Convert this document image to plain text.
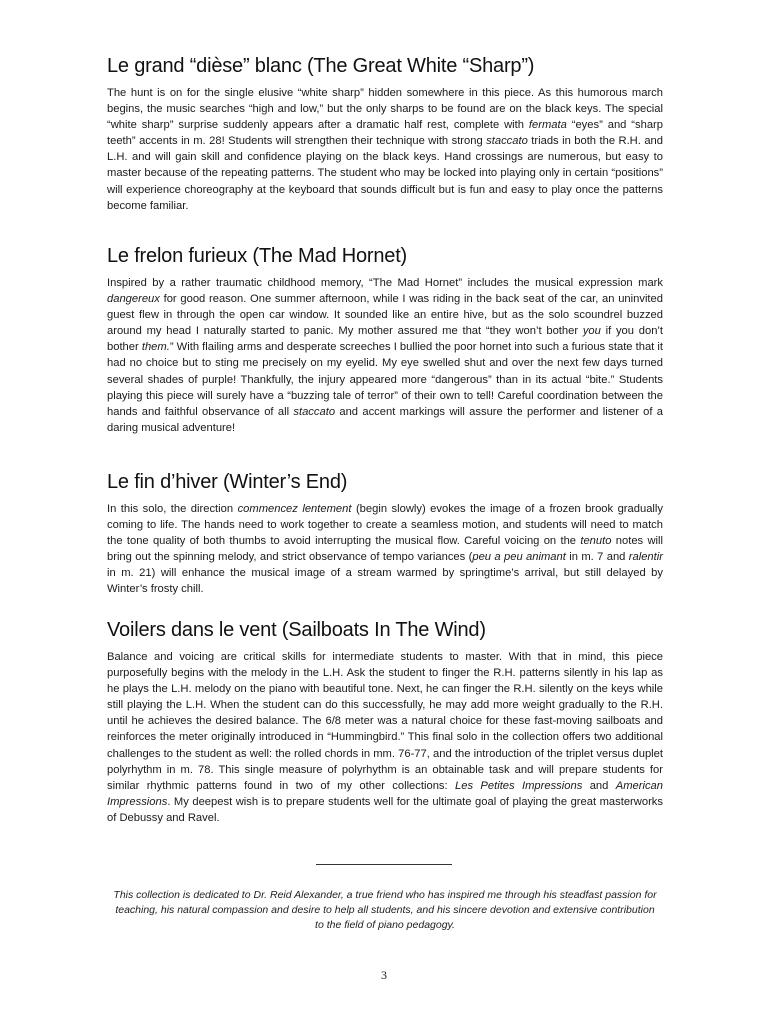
Le grand “dièse” blanc (The Great White “Sharp”)

The hunt is on for the single elusive “white sharp” hidden somewhere in this piece. As this humorous march begins, the music searches “high and low,” but the only sharps to be found are on the black keys. The special “white sharp” surprise suddenly appears after a dramatic half rest, complete with fermata “eyes” and “sharp teeth” accents in m. 28! Students will strengthen their technique with strong staccato triads in both the R.H. and L.H. and will gain skill and confidence playing on the black keys. Hand crossings are numerous, but easy to master because of the repeating patterns. The student who may be locked into playing only in certain “positions” will experience choreography at the keyboard that sounds difficult but is fun and easy to play once the patterns become familiar.

Le frelon furieux (The Mad Hornet)

Inspired by a rather traumatic childhood memory, “The Mad Hornet” includes the musical expression mark dangereux for good reason. One summer afternoon, while I was riding in the back seat of the car, an uninvited guest flew in through the open car window. It sounded like an entire hive, but as the solo scoundrel buzzed around my head I naturally started to panic. My mother assured me that “they won’t bother you if you don’t bother them.” With flailing arms and desperate screeches I bullied the poor hornet into such a furious state that it had no choice but to sting me precisely on my eyelid. My eye swelled shut and over the next few days turned several shades of purple! Thankfully, the injury appeared more “dangerous” than in its actual “bite.” Students playing this piece will surely have a “buzzing tale of terror” of their own to tell! Careful coordination between the hands and faithful observance of all staccato and accent markings will assure the performer and listener of a daring musical adventure!

Le fin d’hiver (Winter’s End)

In this solo, the direction commencez lentement (begin slowly) evokes the image of a frozen brook gradually coming to life. The hands need to work together to create a seamless motion, and students will need to match the tone quality of both thumbs to avoid interrupting the musical flow. Careful voicing on the tenuto notes will bring out the spinning melody, and strict observance of tempo variances (peu a peu animant in m. 7 and ralentir in m. 21) will enhance the musical image of a stream warmed by springtime’s arrival, but still delayed by Winter’s frosty chill.

Voilers dans le vent (Sailboats In The Wind)

Balance and voicing are critical skills for intermediate students to master. With that in mind, this piece purposefully begins with the melody in the L.H. Ask the student to finger the R.H. patterns silently in his lap as he plays the L.H. melody on the piano with beautiful tone. Next, he can finger the R.H. silently on the keys while still playing the L.H. When the student can do this successfully, he may add more weight gradually to the R.H. until he achieves the desired balance. The 6/8 meter was a natural choice for these fast-moving sailboats and reinforces the meter originally introduced in “Hummingbird.” This final solo in the collection offers two additional challenges to the student as well: the rolled chords in mm. 76-77, and the introduction of the triplet versus duplet polyrhythm in m. 78. This single measure of polyrhythm is an obtainable task and will prepare students for similar rhythmic patterns found in two of my other collections: Les Petites Impressions and American Impressions. My deepest wish is to prepare students well for the ultimate goal of playing the great masterworks of Debussy and Ravel.

This collection is dedicated to Dr. Reid Alexander, a true friend who has inspired me through his steadfast passion for teaching, his natural compassion and desire to help all students, and his sincere devotion and extensive contribution to the field of piano pedagogy.
3
